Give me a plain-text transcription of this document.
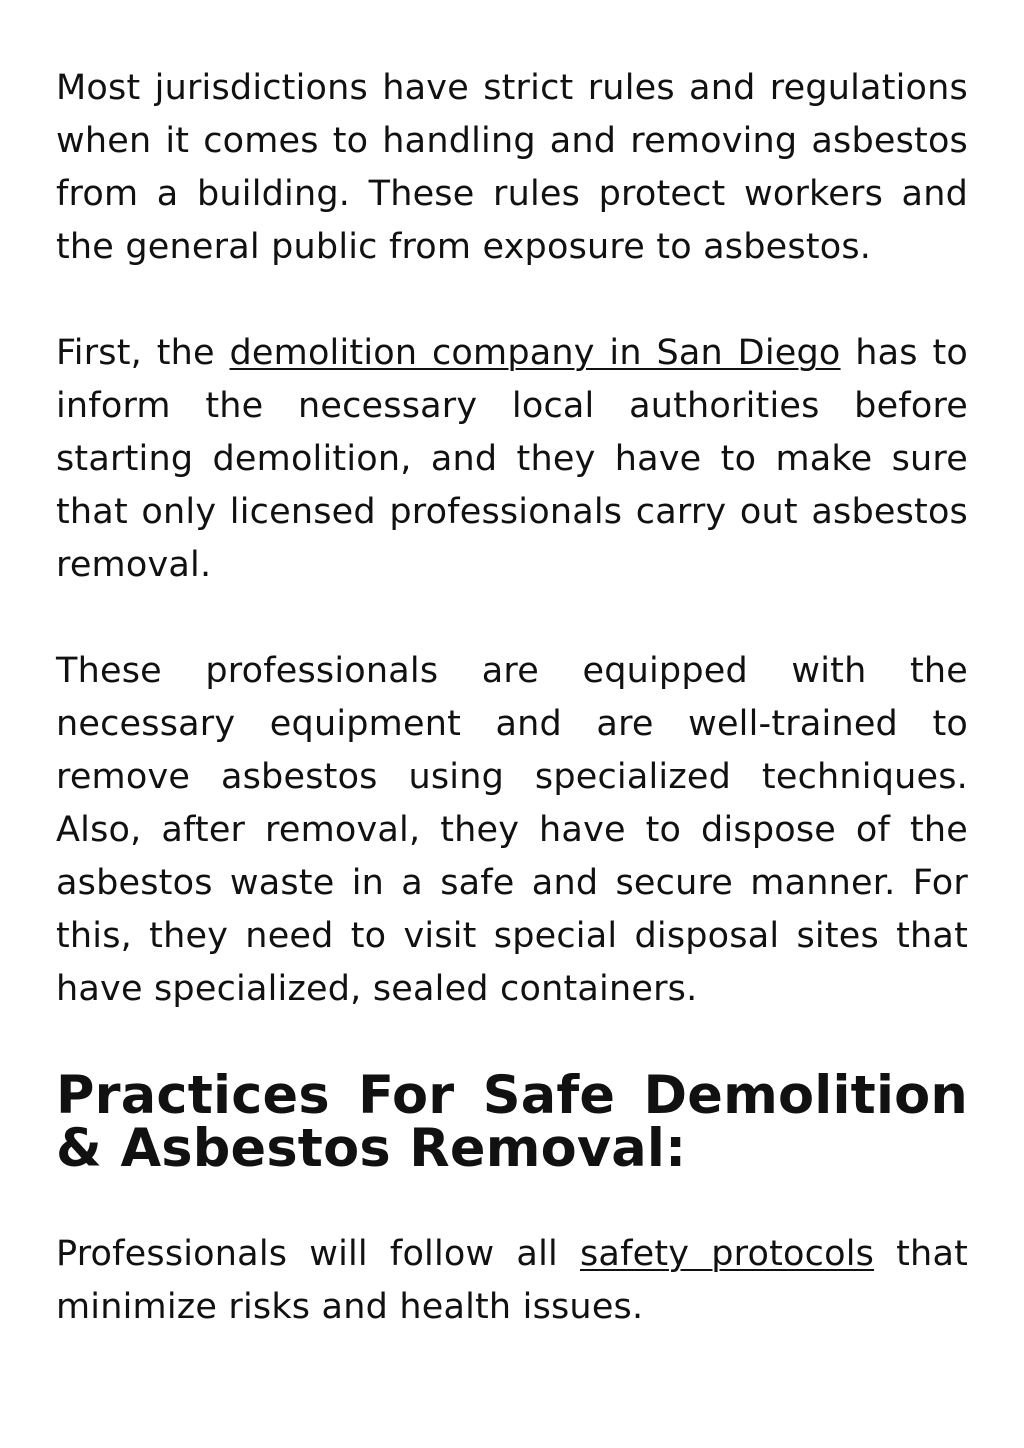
Most jurisdictions have strict rules and regulations when it comes to handling and removing asbestos from a building. These rules protect workers and the general public from exposure to asbestos.

First, the demolition company in San Diego has to inform the necessary local authorities before starting demolition, and they have to make sure that only licensed professionals carry out asbestos removal.

These professionals are equipped with the necessary equipment and are well-trained to remove asbestos using specialized techniques. Also, after removal, they have to dispose of the asbestos waste in a safe and secure manner. For this, they need to visit special disposal sites that have specialized, sealed containers.

Practices For Safe Demolition & Asbestos Removal:

Professionals will follow all safety protocols that minimize risks and health issues.
